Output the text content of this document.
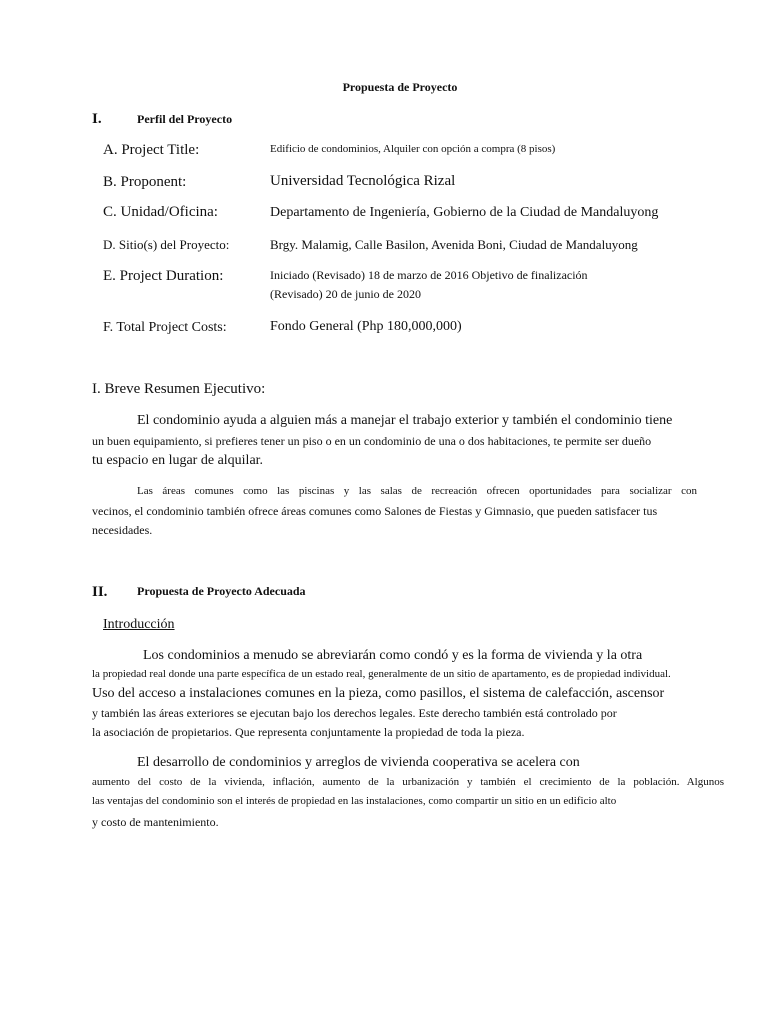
Propuesta de Proyecto
I.	Perfil del Proyecto
A. Project Title:	Edificio de condominios, Alquiler con opción a compra (8 pisos)
B. Proponent:	Universidad Tecnológica Rizal
C. Unidad/Oficina:	Departamento de Ingeniería, Gobierno de la Ciudad de Mandaluyong
D. Sitio(s) del Proyecto:	Brgy. Malamig, Calle Basilon, Avenida Boni, Ciudad de Mandaluyong
E. Project Duration:	Iniciado (Revisado) 18 de marzo de 2016 Objetivo de finalización
(Revisado) 20 de junio de 2020
F. Total Project Costs:	Fondo General (Php 180,000,000)
I. Breve Resumen Ejecutivo:
El condominio ayuda a alguien más a manejar el trabajo exterior y también el condominio tiene
un buen equipamiento, si prefieres tener un piso o en un condominio de una o dos habitaciones, te permite ser dueño
tu espacio en lugar de alquilar.
Las áreas comunes como las piscinas y las salas de recreación ofrecen oportunidades para socializar con
vecinos, el condominio también ofrece áreas comunes como Salones de Fiestas y Gimnasio, que pueden satisfacer tus
necesidades.
II. Propuesta de Proyecto Adecuada
Introducción
Los condominios a menudo se abreviarán como condó y es la forma de vivienda y la otra
la propiedad real donde una parte específica de un estado real, generalmente de un sitio de apartamento, es de propiedad individual.
Uso del acceso a instalaciones comunes en la pieza, como pasillos, el sistema de calefacción, ascensor
y también las áreas exteriores se ejecutan bajo los derechos legales. Este derecho también está controlado por
la asociación de propietarios. Que representa conjuntamente la propiedad de toda la pieza.
El desarrollo de condominios y arreglos de vivienda cooperativa se acelera con
aumento del costo de la vivienda, inflación, aumento de la urbanización y también el crecimiento de la población. Algunos
las ventajas del condominio son el interés de propiedad en las instalaciones, como compartir un sitio en un edificio alto
y costo de mantenimiento.
